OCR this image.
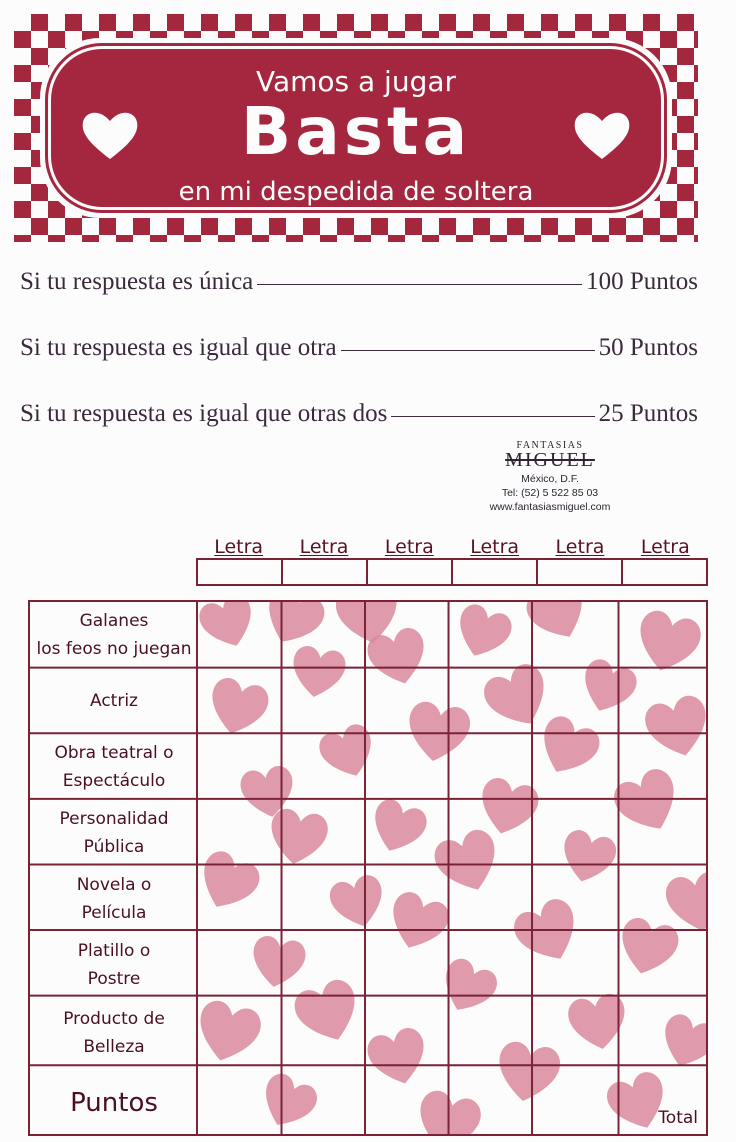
Vamos a jugar
Basta
en mi despedida de soltera
Si tu respuesta es única	100 Puntos
Si tu respuesta es igual que otra	50 Puntos
Si tu respuesta es igual que otras dos	25 Puntos
FANTASIAS
MIGUEL
México, D.F.
Tel: (52) 5 522 85 03
www.fantasiasmiguel.com
Letra	Letra	Letra	Letra	Letra	Letra
Galanes
los feos no juegan
Actriz
Obra teatral o
Espectáculo
Personalidad
Pública
Novela o
Película
Platillo o
Postre
Producto de
Belleza
Puntos	Total
